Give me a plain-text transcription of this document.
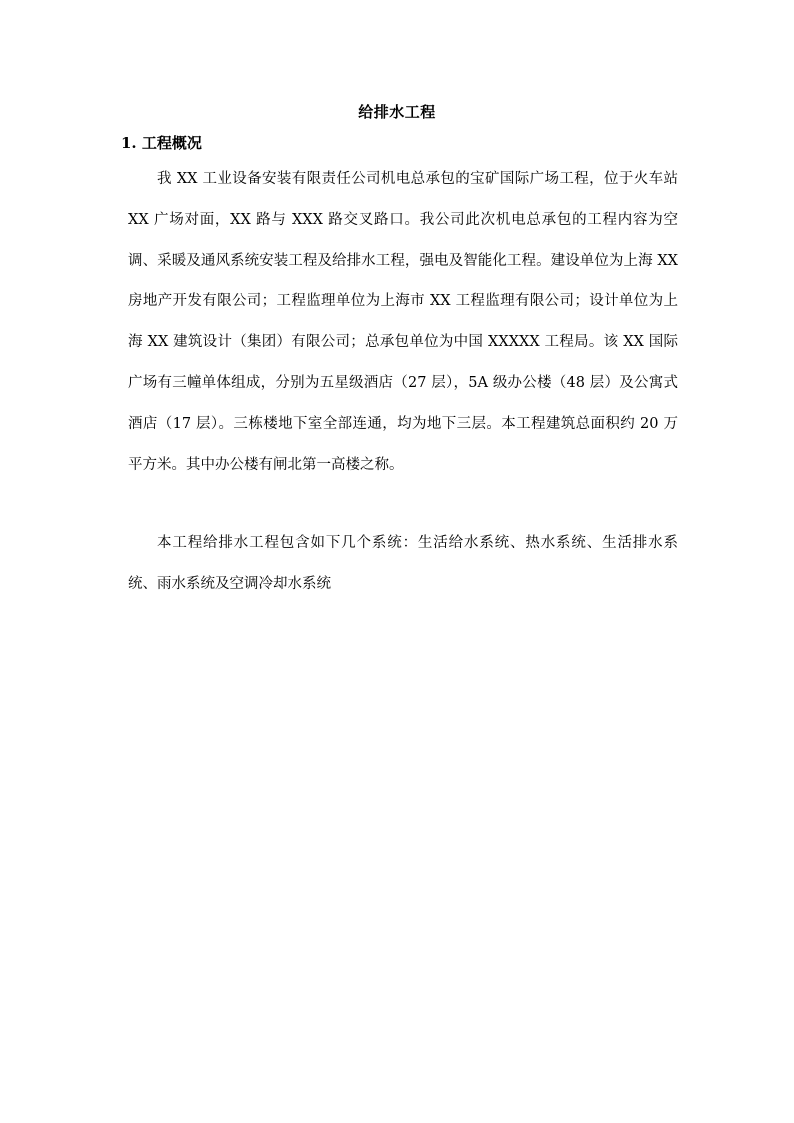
给排水工程
1. 工程概况

我 XX 工业设备安装有限责任公司机电总承包的宝矿国际广场工程，位于火车站 XX 广场对面，XX 路与 XXX 路交叉路口。我公司此次机电总承包的工程内容为空调、采暖及通风系统安装工程及给排水工程，强电及智能化工程。建设单位为上海 XX 房地产开发有限公司；工程监理单位为上海市 XX 工程监理有限公司；设计单位为上海 XX 建筑设计（集团）有限公司；总承包单位为中国 XXXXX 工程局。该 XX 国际广场有三幢单体组成，分别为五星级酒店（27 层），5A 级办公楼（48 层）及公寓式酒店（17 层）。三栋楼地下室全部连通，均为地下三层。本工程建筑总面积约 20 万平方米。其中办公楼有闸北第一高楼之称。

本工程给排水工程包含如下几个系统：生活给水系统、热水系统、生活排水系统、雨水系统及空调冷却水系统
